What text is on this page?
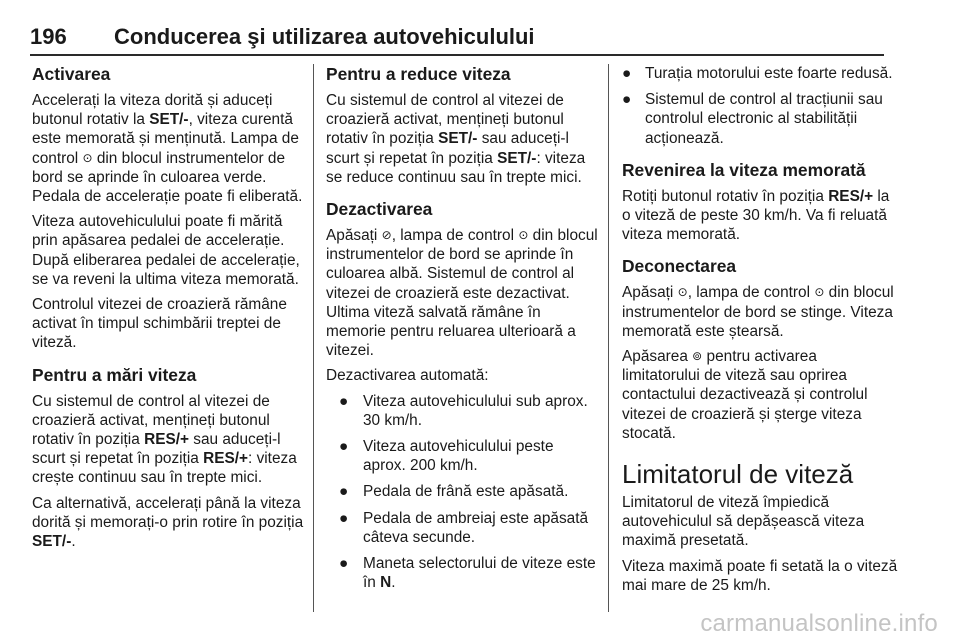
196 Conducerea şi utilizarea autovehiculului
Activarea

Accelerați la viteza dorită și aduceți butonul rotativ la SET/-, viteza curentă este memorată și menținută. Lampa de control ⊙ din blocul instrumentelor de bord se aprinde în culoarea verde. Pedala de accelerație poate fi eliberată.

Viteza autovehiculului poate fi mărită prin apăsarea pedalei de accelerație. După eliberarea pedalei de accelerație, se va reveni la ultima viteza memorată.

Controlul vitezei de croazieră rămâne activat în timpul schimbării treptei de viteză.

Pentru a mări viteza

Cu sistemul de control al vitezei de croazieră activat, mențineți butonul rotativ în poziția RES/+ sau aduceți-l scurt și repetat în poziția RES/+: viteza crește continuu sau în trepte mici.

Ca alternativă, accelerați până la viteza dorită și memorați-o prin rotire în poziția SET/-.

Pentru a reduce viteza

Cu sistemul de control al vitezei de croazieră activat, mențineți butonul rotativ în poziția SET/- sau aduceți-l scurt și repetat în poziția SET/-: viteza se reduce continuu sau în trepte mici.

Dezactivarea

Apăsați ⊘, lampa de control ⊙ din blocul instrumentelor de bord se aprinde în culoarea albă. Sistemul de control al vitezei de croazieră este dezactivat. Ultima viteză salvată rămâne în memorie pentru reluarea ulterioară a vitezei.

Dezactivarea automată:

● Viteza autovehiculului sub aprox. 30 km/h.
● Viteza autovehiculului peste aprox. 200 km/h.
● Pedala de frână este apăsată.
● Pedala de ambreiaj este apăsată câteva secunde.
● Maneta selectorului de viteze este în N.
● Turația motorului este foarte redusă.
● Sistemul de control al tracțiunii sau controlul electronic al stabilității acționează.
Revenirea la viteza memorată

Rotiți butonul rotativ în poziția RES/+ la o viteză de peste 30 km/h. Va fi reluată viteza memorată.

Deconectarea

Apăsați ⊙, lampa de control ⊙ din blocul instrumentelor de bord se stinge. Viteza memorată este ștearsă.

Apăsarea ⊚ pentru activarea limitatorului de viteză sau oprirea contactului dezactivează și controlul vitezei de croazieră și șterge viteza stocată.

Limitatorul de viteză

Limitatorul de viteză împiedică autovehiculul să depășească viteza maximă presetată.

Viteza maximă poate fi setată la o viteză mai mare de 25 km/h.

carmanualsonline.info
